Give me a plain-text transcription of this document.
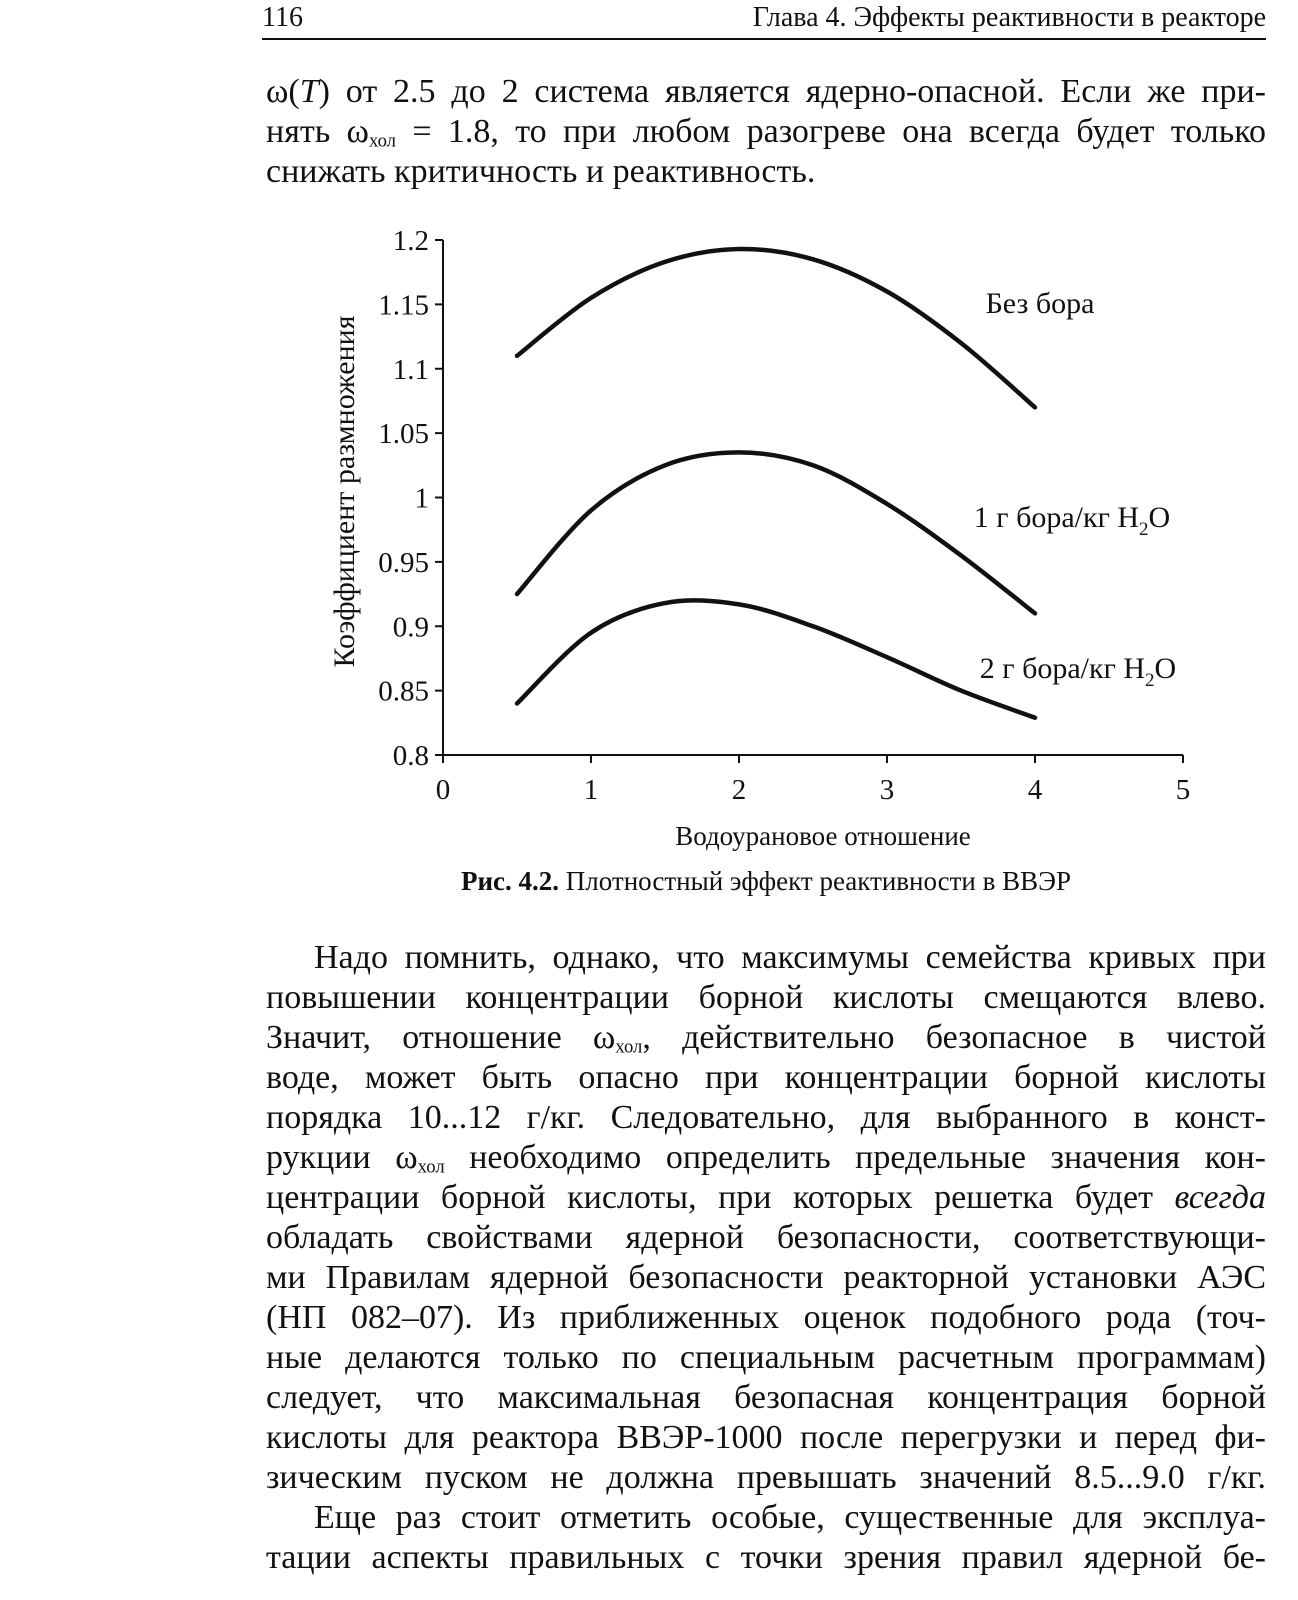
116	Глава 4. Эффекты реактивности в реакторе
ω(T) от 2.5 до 2 система является ядерно-опасной. Если же при-
нять $\omega_{хол} = 1.8$, то при любом разогреве она всегда будет только
снижать критичность и реактивность.
0.8
0.85
0.9
0.95
1
1.05
1.1
1.15
1.2
0	1	2	3	4	5
Водоурановое отношение
Коэффициент размножения
Без бора
1 г бора/кг $H_2O$
2 г бора/кг $H_2O$
Рис. 4.2. Плотностный эффект реактивности в ВВЭР
Надо помнить, однако, что максимумы семейства кривых при
повышении концентрации борной кислоты смещаются влево.
Значит, отношение $\omega_{хол}$, действительно безопасное в чистой
воде, может быть опасно при концентрации борной кислоты
порядка 10...12 г/кг. Следовательно, для выбранного в конст-
рукции $\omega_{хол}$ необходимо определить предельные значения кон-
центрации борной кислоты, при которых решетка будет всегда
обладать свойствами ядерной безопасности, соответствующи-
ми Правилам ядерной безопасности реакторной установки АЭС
(НП 082–07). Из приближенных оценок подобного рода (точ-
ные делаются только по специальным расчетным программам)
следует, что максимальная безопасная концентрация борной
кислоты для реактора ВВЭР-1000 после перегрузки и перед фи-
зическим пуском не должна превышать значений 8.5...9.0 г/кг.
Еще раз стоит отметить особые, существенные для эксплуа-
тации аспекты правильных с точки зрения правил ядерной бе-
